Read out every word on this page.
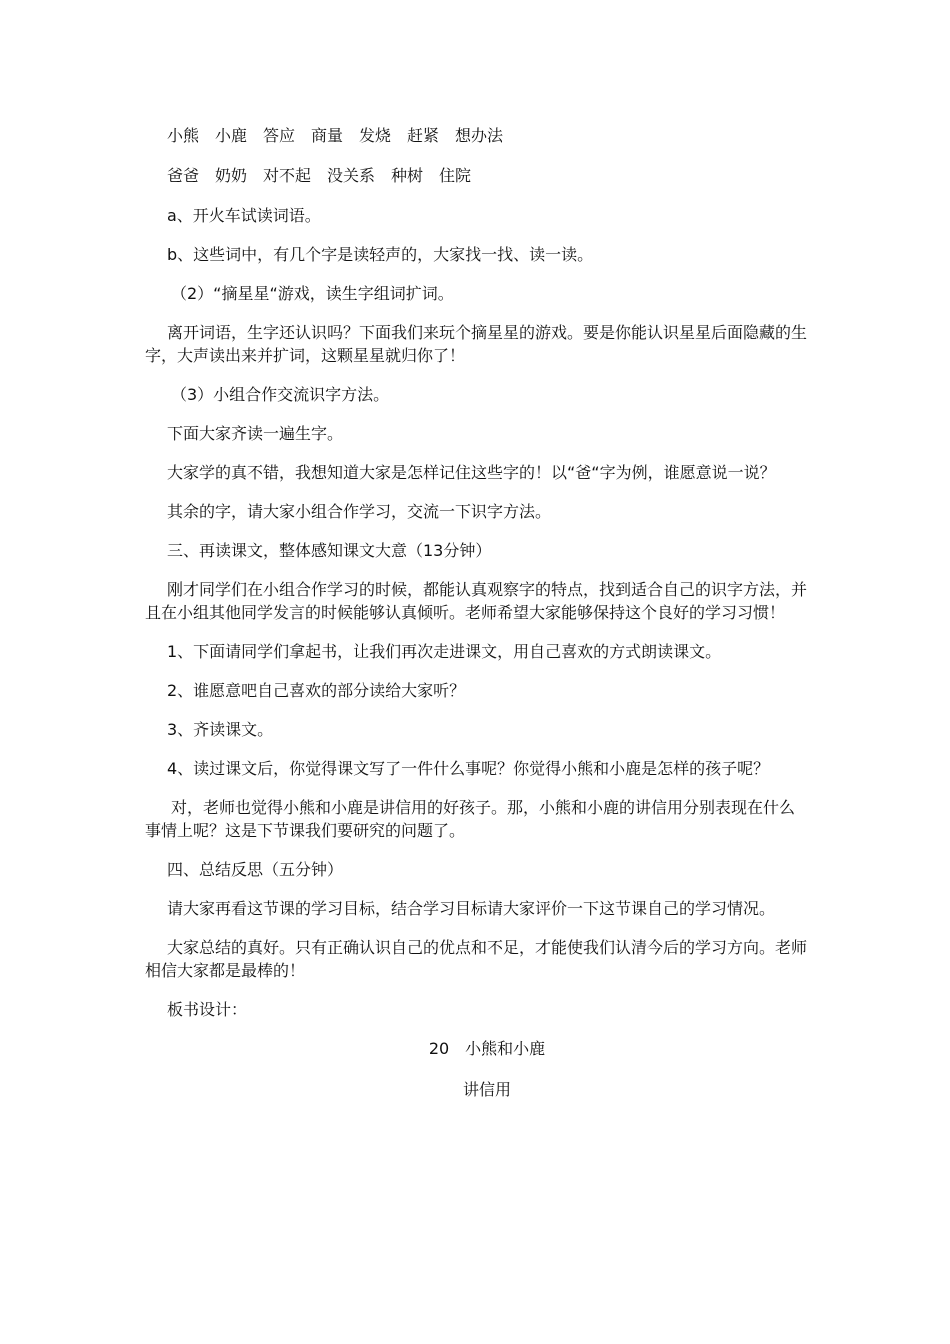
小熊　小鹿　答应　商量　发烧　赶紧　想办法

爸爸　奶奶　对不起　没关系　种树　住院

a、开火车试读词语。

b、这些词中，有几个字是读轻声的，大家找一找、读一读。

（2）“摘星星“游戏，读生字组词扩词。

离开词语，生字还认识吗？下面我们来玩个摘星星的游戏。要是你能认识星星后面隐藏的生字，大声读出来并扩词，这颗星星就归你了！

（3）小组合作交流识字方法。

下面大家齐读一遍生字。

大家学的真不错，我想知道大家是怎样记住这些字的！以“爸“字为例，谁愿意说一说？

其余的字，请大家小组合作学习，交流一下识字方法。

三、再读课文，整体感知课文大意（13分钟）

刚才同学们在小组合作学习的时候，都能认真观察字的特点，找到适合自己的识字方法，并且在小组其他同学发言的时候能够认真倾听。老师希望大家能够保持这个良好的学习习惯！

1、下面请同学们拿起书，让我们再次走进课文，用自己喜欢的方式朗读课文。

2、谁愿意吧自己喜欢的部分读给大家听？

3、齐读课文。

4、读过课文后，你觉得课文写了一件什么事呢？你觉得小熊和小鹿是怎样的孩子呢？

对，老师也觉得小熊和小鹿是讲信用的好孩子。那，小熊和小鹿的讲信用分别表现在什么事情上呢？这是下节课我们要研究的问题了。

四、总结反思（五分钟）

请大家再看这节课的学习目标，结合学习目标请大家评价一下这节课自己的学习情况。

大家总结的真好。只有正确认识自己的优点和不足，才能使我们认清今后的学习方向。老师相信大家都是最棒的！

板书设计：

20　小熊和小鹿
讲信用
